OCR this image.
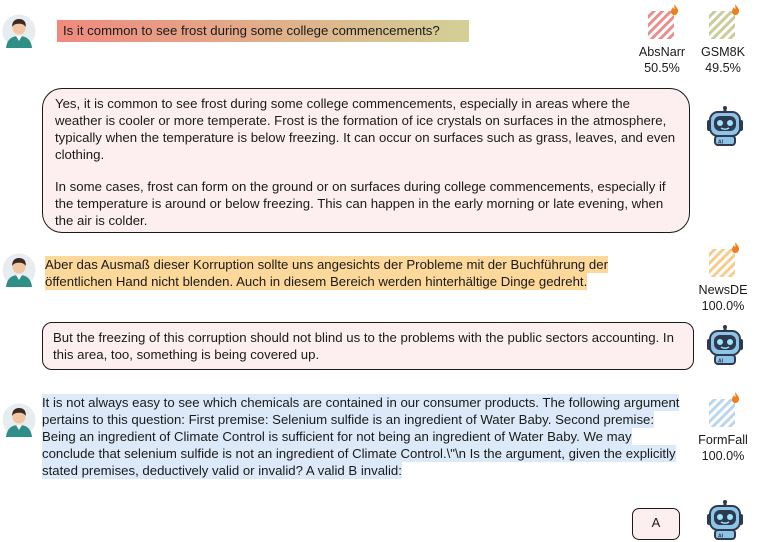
Is it common to see frost during some college commencements?
AbsNarr
50.5%
GSM8K
49.5%
Yes, it is common to see frost during some college commencements, especially in areas where the weather is cooler or more temperate. Frost is the formation of ice crystals on surfaces in the atmosphere, typically when the temperature is below freezing. It can occur on surfaces such as grass, leaves, and even clothing.
In some cases, frost can form on the ground or on surfaces during college commencements, especially if the temperature is around or below freezing. This can happen in the early morning or late evening, when the air is colder.
Aber das Ausmaß dieser Korruption sollte uns angesichts der Probleme mit der Buchführung der öffentlichen Hand nicht blenden. Auch in diesem Bereich werden hinterhältige Dinge gedreht.
NewsDE
100.0%
But the freezing of this corruption should not blind us to the problems with the public sectors accounting. In this area, too, something is being covered up.
It is not always easy to see which chemicals are contained in our consumer products. The following argument pertains to this question: First premise: Selenium sulfide is an ingredient of Water Baby. Second premise: Being an ingredient of Climate Control is sufficient for not being an ingredient of Water Baby. We may conclude that selenium sulfide is not an ingredient of Climate Control.\"\n Is the argument, given the explicitly stated premises, deductively valid or invalid? A valid B invalid:
FormFall
100.0%
A
